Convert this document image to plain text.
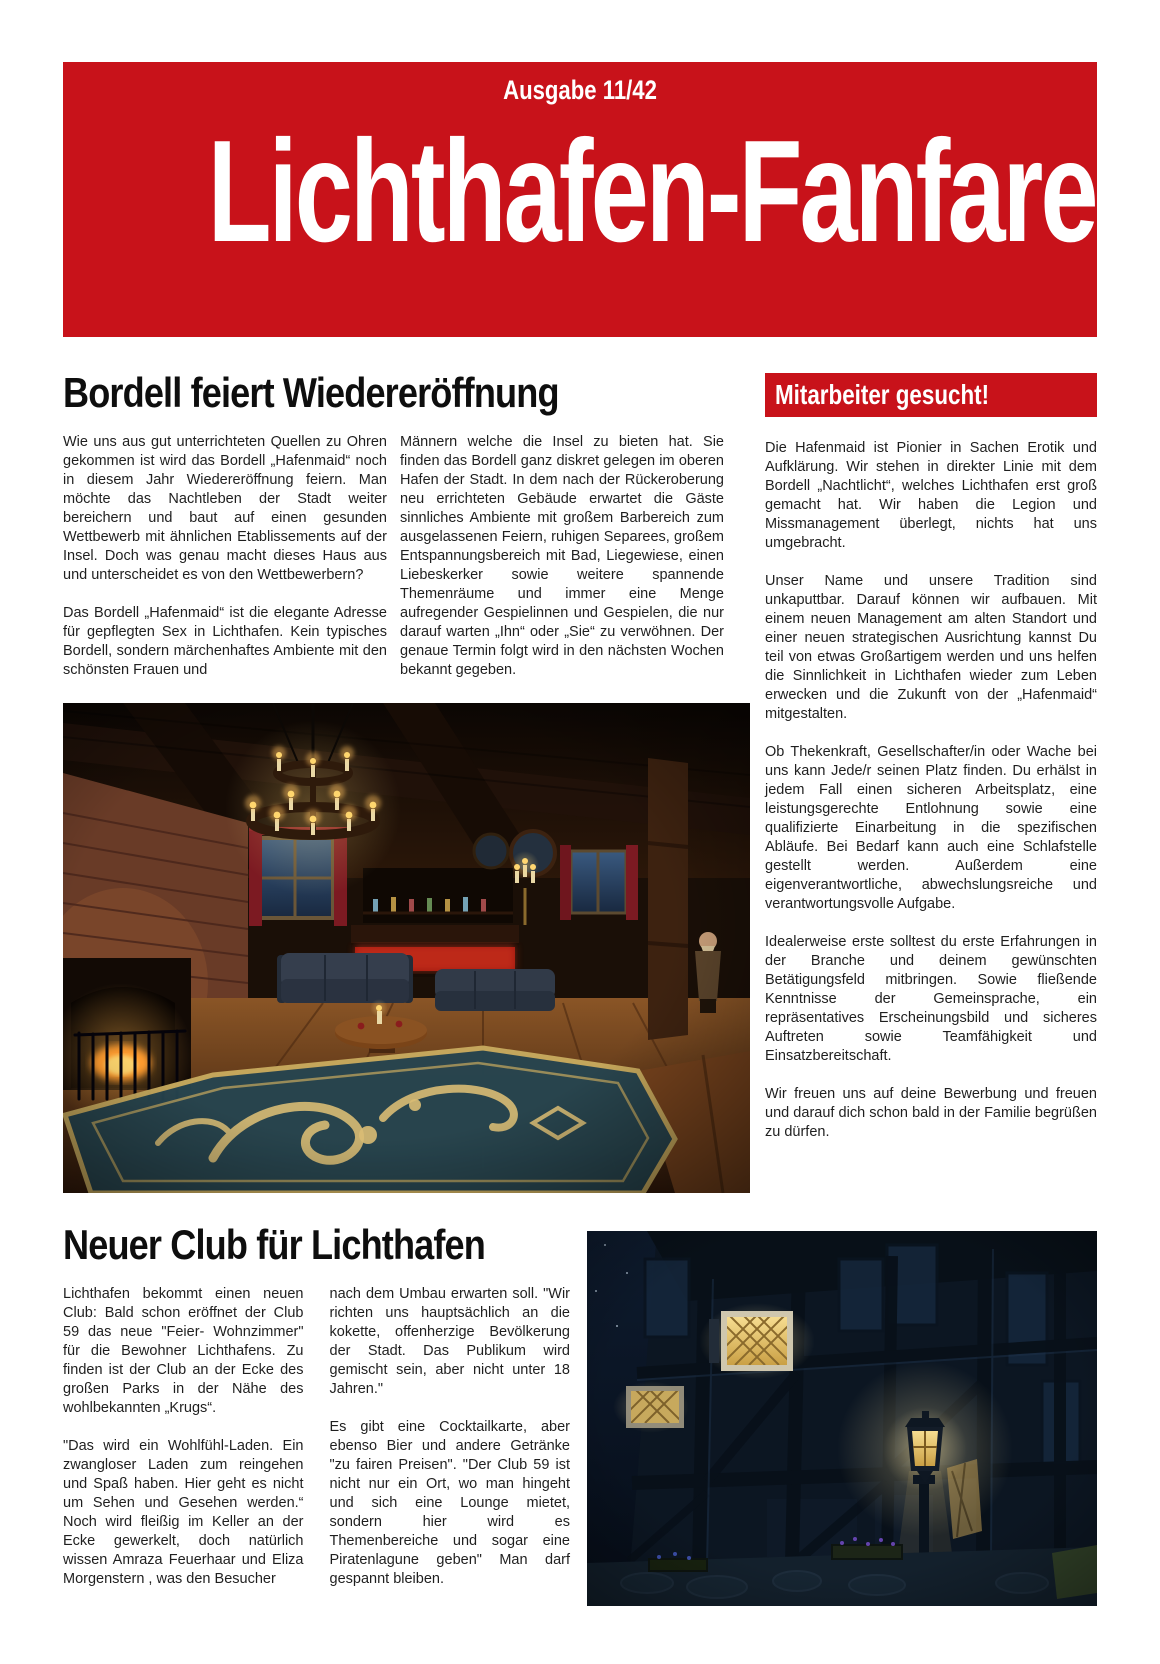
Ausgabe 11/42
Lichthafen-Fanfare
Bordell feiert Wiedereröffnung

Wie uns aus gut unterrichteten Quellen zu Ohren gekommen ist wird das Bordell „Hafenmaid“ noch in diesem Jahr Wiedereröffnung feiern. Man möchte das Nachtleben der Stadt weiter bereichern und baut auf einen gesunden Wettbewerb mit ähnlichen Etablissements auf der Insel. Doch was genau macht dieses Haus aus und unterscheidet es von den Wettbewerbern?

Das Bordell „Hafenmaid“ ist die elegante Adresse für gepflegten Sex in Lichthafen. Kein typisches Bordell, sondern märchenhaftes Ambiente mit den schönsten Frauen und

Männern welche die Insel zu bieten hat. Sie finden das Bordell ganz diskret gelegen im oberen Hafen der Stadt. In dem nach der Rückeroberung neu errichteten Gebäude erwartet die Gäste sinnliches Ambiente mit großem Barbereich zum ausgelassenen Feiern, ruhigen Separees, großem Entspannungsbereich mit Bad, Liegewiese, einen Liebeskerker sowie weitere spannende Themenräume und immer eine Menge aufregender Gespielinnen und Gespielen, die nur darauf warten „Ihn“ oder „Sie“ zu verwöhnen. Der genaue Termin folgt wird in den nächsten Wochen bekannt gegeben.

Mitarbeiter gesucht!

Die Hafenmaid ist Pionier in Sachen Erotik und Aufklärung. Wir stehen in direkter Linie mit dem Bordell „Nachtlicht“, welches Lichthafen erst groß gemacht hat. Wir haben die Legion und Missmanagement überlegt, nichts hat uns umgebracht.

Unser Name und unsere Tradition sind unkaputtbar. Darauf können wir aufbauen. Mit einem neuen Management am alten Standort und einer neuen strategischen Ausrichtung kannst Du teil von etwas Großartigem werden und uns helfen die Sinnlichkeit in Lichthafen wieder zum Leben erwecken und die Zukunft von der „Hafenmaid“ mitgestalten.

Ob Thekenkraft, Gesellschafter/in oder Wache bei uns kann Jede/r seinen Platz finden. Du erhälst in jedem Fall einen sicheren Arbeitsplatz, eine leistungsgerechte Entlohnung sowie eine qualifizierte Einarbeitung in die spezifischen Abläufe. Bei Bedarf kann auch eine Schlafstelle gestellt werden. Außerdem eine eigenverantwortliche, abwechslungsreiche und verantwortungsvolle Aufgabe.

Idealerweise erste solltest du erste Erfahrungen in der Branche und deinem gewünschten Betätigungsfeld mitbringen. Sowie fließende Kenntnisse der Gemeinsprache, ein repräsentatives Erscheinungsbild und sicheres Auftreten sowie Teamfähigkeit und Einsatzbereitschaft.

Wir freuen uns auf deine Bewerbung und freuen und darauf dich schon bald in der Familie begrüßen zu dürfen.

Neuer Club für Lichthafen

Lichthafen bekommt einen neuen Club: Bald schon eröffnet der Club 59 das neue "Feier- Wohnzimmer" für die Bewohner Lichthafens. Zu finden ist der Club an der Ecke des großen Parks in der Nähe des wohlbekannten „Krugs“.

"Das wird ein Wohlfühl-Laden. Ein zwangloser Laden zum reingehen und Spaß haben. Hier geht es nicht um Sehen und Gesehen werden.“ Noch wird fleißig im Keller an der Ecke gewerkelt, doch natürlich wissen Amraza Feuerhaar und Eliza Morgenstern , was den Besucher

nach dem Umbau erwarten soll. "Wir richten uns hauptsächlich an die kokette, offenherzige Bevölkerung der Stadt. Das Publikum wird gemischt sein, aber nicht unter 18 Jahren."

Es gibt eine Cocktailkarte, aber ebenso Bier und andere Getränke "zu fairen Preisen". "Der Club 59 ist nicht nur ein Ort, wo man hingeht und sich eine Lounge mietet, sondern hier wird es Themenbereiche und sogar eine Piratenlagune geben" Man darf gespannt bleiben.
